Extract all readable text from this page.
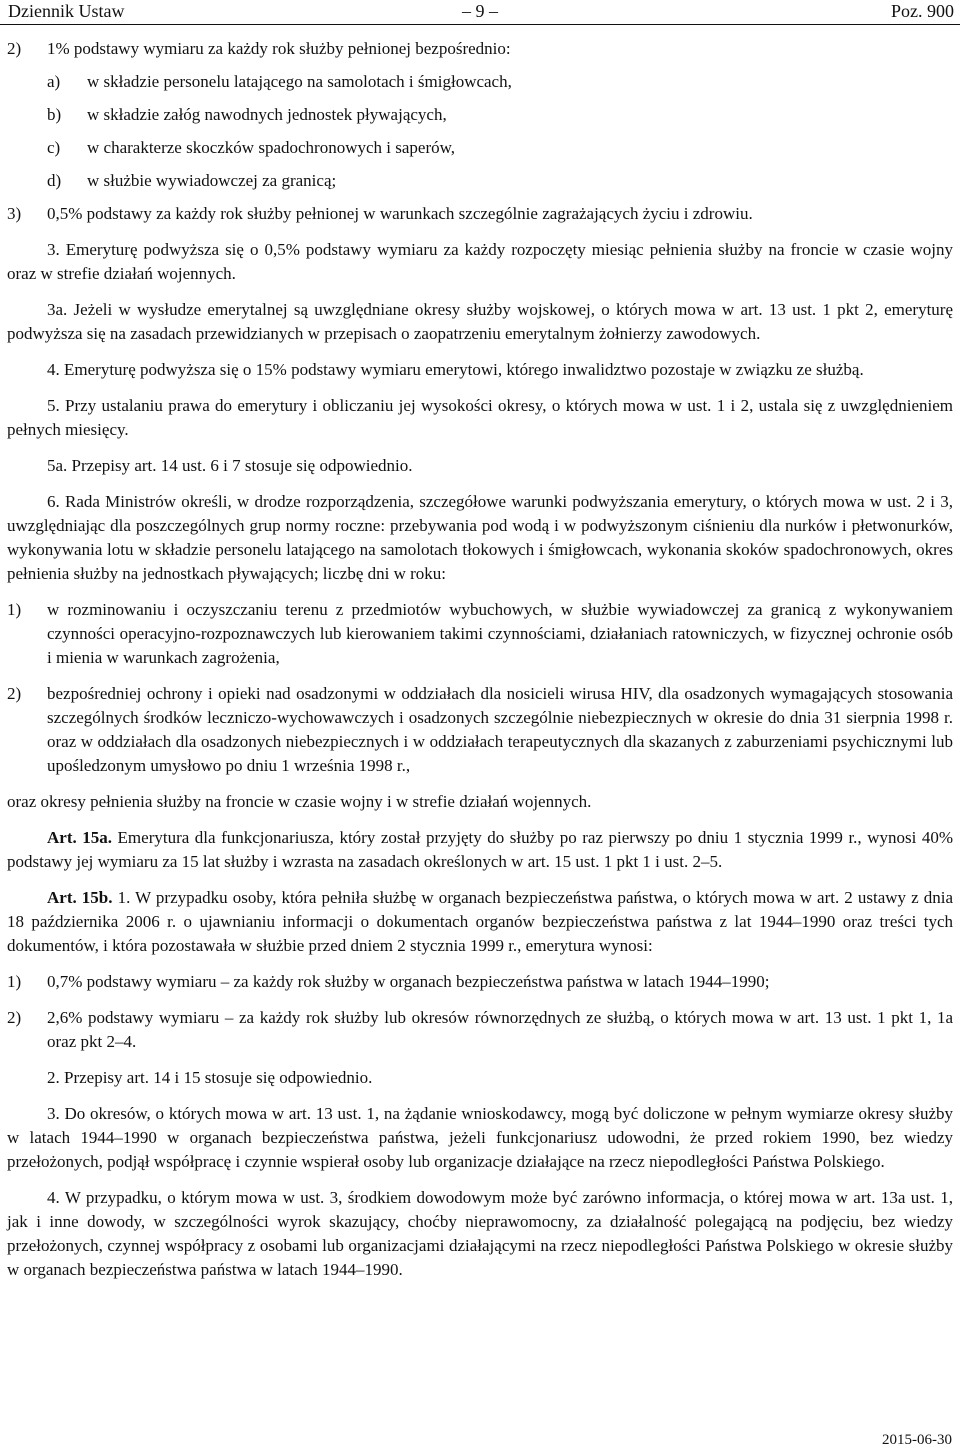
Dziennik Ustaw	– 9 –	Poz. 900
2)	1% podstawy wymiaru za każdy rok służby pełnionej bezpośrednio:
a)	w składzie personelu latającego na samolotach i śmigłowcach,
b)	w składzie załóg nawodnych jednostek pływających,
c)	w charakterze skoczków spadochronowych i saperów,
d)	w służbie wywiadowczej za granicą;
3)	0,5% podstawy za każdy rok służby pełnionej w warunkach szczególnie zagrażających życiu i zdrowiu.

3. Emeryturę podwyższa się o 0,5% podstawy wymiaru za każdy rozpoczęty miesiąc pełnienia służby na froncie w czasie wojny oraz w strefie działań wojennych.

3a. Jeżeli w wysłudze emerytalnej są uwzględniane okresy służby wojskowej, o których mowa w art. 13 ust. 1 pkt 2, emeryturę podwyższa się na zasadach przewidzianych w przepisach o zaopatrzeniu emerytalnym żołnierzy zawodowych.

4. Emeryturę podwyższa się o 15% podstawy wymiaru emerytowi, którego inwalidztwo pozostaje w związku ze służbą.

5. Przy ustalaniu prawa do emerytury i obliczaniu jej wysokości okresy, o których mowa w ust. 1 i 2, ustala się z uwzględnieniem pełnych miesięcy.

5a. Przepisy art. 14 ust. 6 i 7 stosuje się odpowiednio.

6. Rada Ministrów określi, w drodze rozporządzenia, szczegółowe warunki podwyższania emerytury, o których mowa w ust. 2 i 3, uwzględniając dla poszczególnych grup normy roczne: przebywania pod wodą i w podwyższonym ciśnieniu dla nurków i płetwonurków, wykonywania lotu w składzie personelu latającego na samolotach tłokowych i śmigłowcach, wykonania skoków spadochronowych, okres pełnienia służby na jednostkach pływających; liczbę dni w roku:

1)	w rozminowaniu i oczyszczaniu terenu z przedmiotów wybuchowych, w służbie wywiadowczej za granicą z wykonywaniem czynności operacyjno-rozpoznawczych lub kierowaniem takimi czynnościami, działaniach ratowniczych, w fizycznej ochronie osób i mienia w warunkach zagrożenia,
2)	bezpośredniej ochrony i opieki nad osadzonymi w oddziałach dla nosicieli wirusa HIV, dla osadzonych wymagających stosowania szczególnych środków leczniczo-wychowawczych i osadzonych szczególnie niebezpiecznych w okresie do dnia 31 sierpnia 1998 r. oraz w oddziałach dla osadzonych niebezpiecznych i w oddziałach terapeutycznych dla skazanych z zaburzeniami psychicznymi lub upośledzonym umysłowo po dniu 1 września 1998 r.,

oraz okresy pełnienia służby na froncie w czasie wojny i w strefie działań wojennych.

Art. 15a. Emerytura dla funkcjonariusza, który został przyjęty do służby po raz pierwszy po dniu 1 stycznia 1999 r., wynosi 40% podstawy jej wymiaru za 15 lat służby i wzrasta na zasadach określonych w art. 15 ust. 1 pkt 1 i ust. 2–5.

Art. 15b. 1. W przypadku osoby, która pełniła służbę w organach bezpieczeństwa państwa, o których mowa w art. 2 ustawy z dnia 18 października 2006 r. o ujawnianiu informacji o dokumentach organów bezpieczeństwa państwa z lat 1944–1990 oraz treści tych dokumentów, i która pozostawała w służbie przed dniem 2 stycznia 1999 r., emerytura wynosi:

1)	0,7% podstawy wymiaru – za każdy rok służby w organach bezpieczeństwa państwa w latach 1944–1990;
2)	2,6% podstawy wymiaru – za każdy rok służby lub okresów równorzędnych ze służbą, o których mowa w art. 13 ust. 1 pkt 1, 1a oraz pkt 2–4.

2. Przepisy art. 14 i 15 stosuje się odpowiednio.

3. Do okresów, o których mowa w art. 13 ust. 1, na żądanie wnioskodawcy, mogą być doliczone w pełnym wymiarze okresy służby w latach 1944–1990 w organach bezpieczeństwa państwa, jeżeli funkcjonariusz udowodni, że przed rokiem 1990, bez wiedzy przełożonych, podjął współpracę i czynnie wspierał osoby lub organizacje działające na rzecz niepodległości Państwa Polskiego.

4. W przypadku, o którym mowa w ust. 3, środkiem dowodowym może być zarówno informacja, o której mowa w art. 13a ust. 1, jak i inne dowody, w szczególności wyrok skazujący, choćby nieprawomocny, za działalność polegającą na podjęciu, bez wiedzy przełożonych, czynnej współpracy z osobami lub organizacjami działającymi na rzecz niepodległości Państwa Polskiego w okresie służby w organach bezpieczeństwa państwa w latach 1944–1990.

2015-06-30
